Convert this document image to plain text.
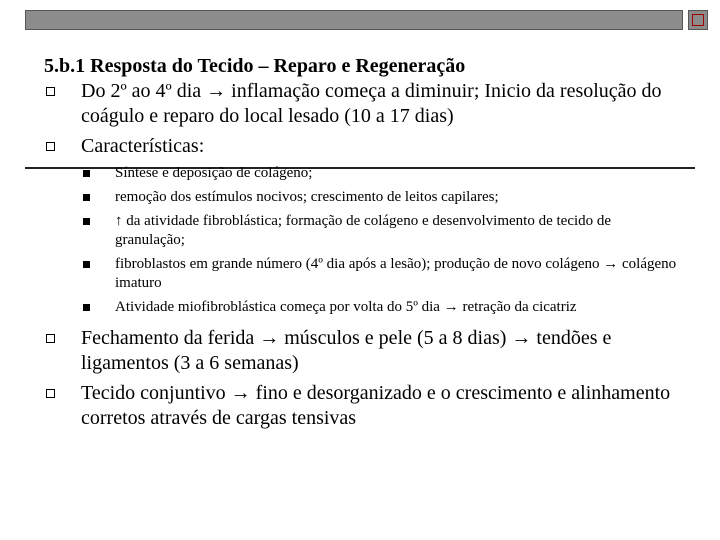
5.b.1 Resposta do Tecido – Reparo e Regeneração
Do 2º ao 4º dia → inflamação começa a diminuir; Inicio da resolução do coágulo e reparo do local lesado (10 a 17 dias)
Características:
Síntese e deposição de colágeno;
remoção dos estímulos nocivos; crescimento de leitos capilares;
↑ da atividade fibroblástica; formação de colágeno e desenvolvimento de tecido de granulação;
fibroblastos em grande número (4º dia após a lesão); produção de novo colágeno → colágeno imaturo
Atividade miofibroblástica começa por volta do 5º dia → retração da cicatriz
Fechamento da ferida → músculos e pele (5 a 8 dias) → tendões e ligamentos (3 a 6 semanas)
Tecido conjuntivo → fino e desorganizado e o crescimento e alinhamento corretos através de cargas tensivas
